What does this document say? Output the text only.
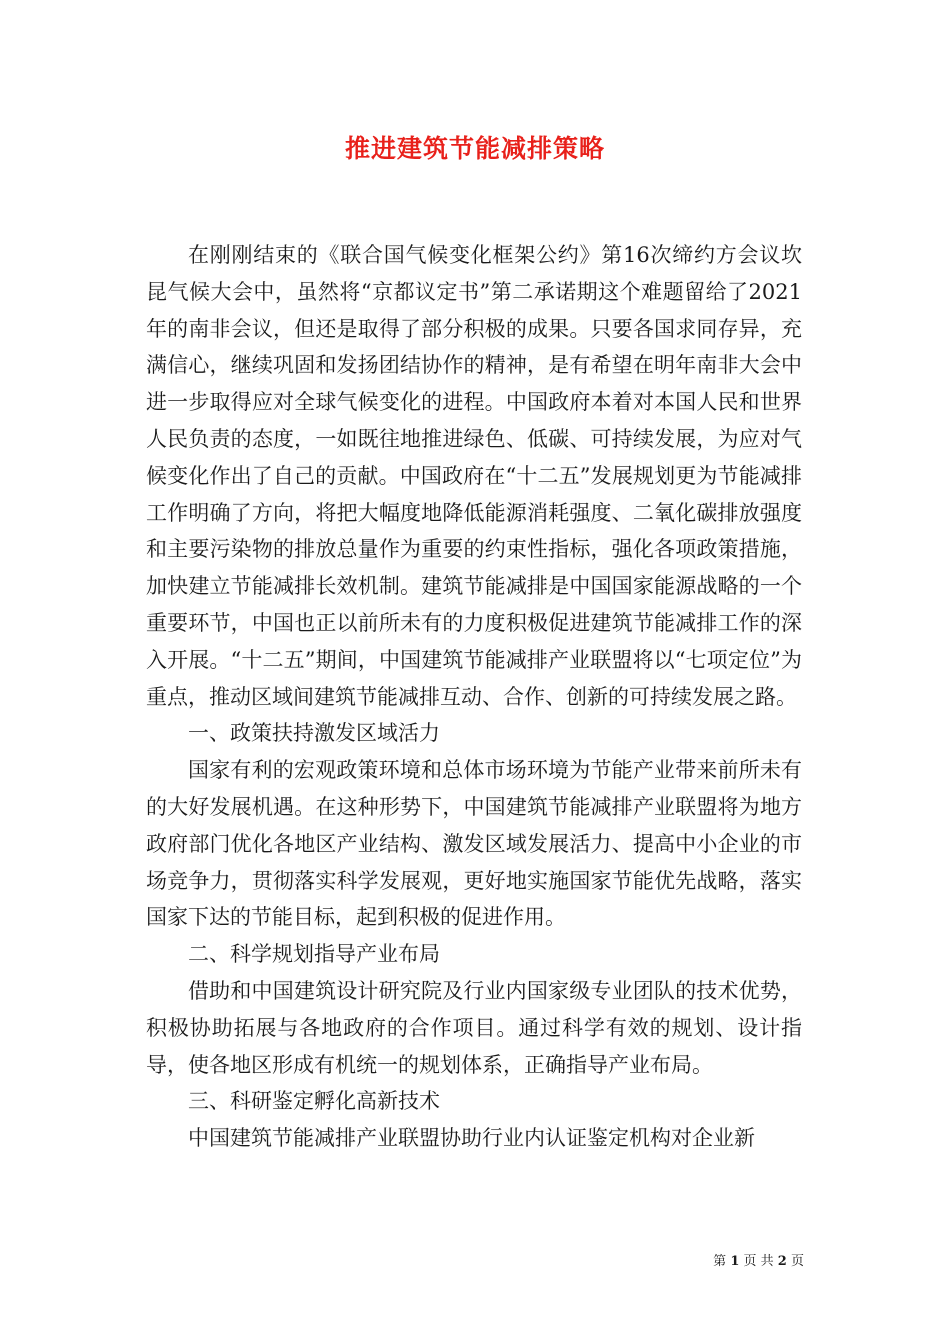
推进建筑节能减排策略

在刚刚结束的《联合国气候变化框架公约》第16次缔约方会议坎昆气候大会中，虽然将“京都议定书”第二承诺期这个难题留给了2021年的南非会议，但还是取得了部分积极的成果。只要各国求同存异，充满信心，继续巩固和发扬团结协作的精神，是有希望在明年南非大会中进一步取得应对全球气候变化的进程。中国政府本着对本国人民和世界人民负责的态度，一如既往地推进绿色、低碳、可持续发展，为应对气候变化作出了自己的贡献。中国政府在“十二五”发展规划更为节能减排工作明确了方向，将把大幅度地降低能源消耗强度、二氧化碳排放强度和主要污染物的排放总量作为重要的约束性指标，强化各项政策措施，加快建立节能减排长效机制。建筑节能减排是中国国家能源战略的一个重要环节，中国也正以前所未有的力度积极促进建筑节能减排工作的深入开展。“十二五”期间，中国建筑节能减排产业联盟将以“七项定位”为重点，推动区域间建筑节能减排互动、合作、创新的可持续发展之路。

一、政策扶持激发区域活力

国家有利的宏观政策环境和总体市场环境为节能产业带来前所未有的大好发展机遇。在这种形势下，中国建筑节能减排产业联盟将为地方政府部门优化各地区产业结构、激发区域发展活力、提高中小企业的市场竞争力，贯彻落实科学发展观，更好地实施国家节能优先战略，落实国家下达的节能目标，起到积极的促进作用。

二、科学规划指导产业布局

借助和中国建筑设计研究院及行业内国家级专业团队的技术优势，积极协助拓展与各地政府的合作项目。通过科学有效的规划、设计指导，使各地区形成有机统一的规划体系，正确指导产业布局。

三、科研鉴定孵化高新技术

中国建筑节能减排产业联盟协助行业内认证鉴定机构对企业新

第 1 页 共 2 页
